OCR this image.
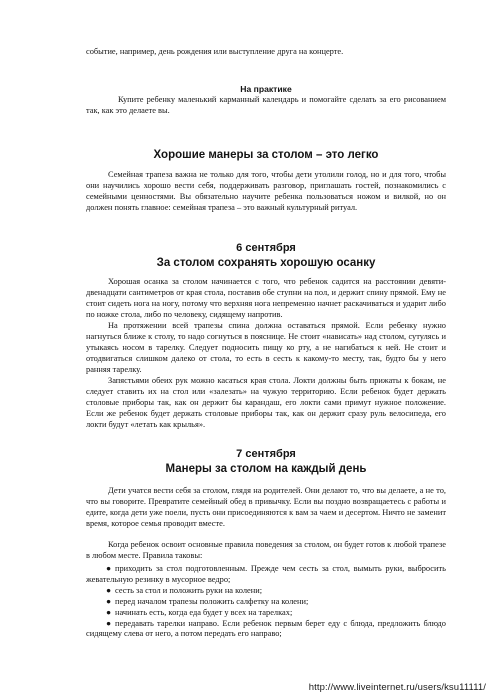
событие, например, день рождения или выступление друга на концерте.
На практике
Купите ребенку маленький карманный календарь и помогайте сделать за его рисованием так, как это делаете вы.
Хорошие манеры за столом – это легко

Семейная трапеза важна не только для того, чтобы дети утолили голод, но и для того, чтобы они научились хорошо вести себя, поддерживать разговор, приглашать гостей, познакомились с семейными ценностями. Вы обязательно научите ребенка пользоваться ножом и вилкой, но он должен понять главное: семейная трапеза – это важный культурный ритуал.

6 сентября
За столом сохранять хорошую осанку

Хорошая осанка за столом начинается с того, что ребенок садится на расстоянии девяти-двенадцати сантиметров от края стола, поставив обе ступни на пол, и держит спину прямой. Ему не стоит сидеть нога на ногу, потому что верхняя нога непременно начнет раскачиваться и ударит либо по ножке стола, либо по человеку, сидящему напротив.

На протяжении всей трапезы спина должна оставаться прямой. Если ребенку нужно нагнуться ближе к столу, то надо согнуться в пояснице. Не стоит «нависать» над столом, сутулясь и утыкаясь носом в тарелку. Следует подносить пищу ко рту, а не нагибаться к ней. Не стоит и отодвигаться слишком далеко от стола, то есть в сесть к какому-то месту, так, будто бы у него ранняя тарелку.

Запястьями обеих рук можно касаться края стола. Локти должны быть прижаты к бокам, не следует ставить их на стол или «залезать» на чужую территорию. Если ребенок будет держать столовые приборы так, как он держит бы карандаш, его локти сами примут нужное положение. Если же ребенок будет держать столовые приборы так, как он держит сразу руль велосипеда, его локти будут «летать как крылья».

7 сентября
Манеры за столом на каждый день

Дети учатся вести себя за столом, глядя на родителей. Они делают то, что вы делаете, а не то, что вы говорите. Превратите семейный обед в привычку. Если вы поздно возвращаетесь с работы и едите, когда дети уже поели, пусть они присоединяются к вам за чаем и десертом. Ничто не заменит время, которое семья проводит вместе.

Когда ребенок освоит основные правила поведения за столом, он будет готов к любой трапезе в любом месте. Правила таковы:

● приходить за стол подготовленным. Прежде чем сесть за стол, вымыть руки, выбросить жевательную резинку в мусорное ведро;
● сесть за стол и положить руки на колени;
● перед началом трапезы положить салфетку на колени;
● начинать есть, когда еда будет у всех на тарелках;
● передавать тарелки направо. Если ребенок первым берет еду с блюда, предложить блюдо сидящему слева от него, а потом передать его направо;
http://www.liveinternet.ru/users/ksu11111/
